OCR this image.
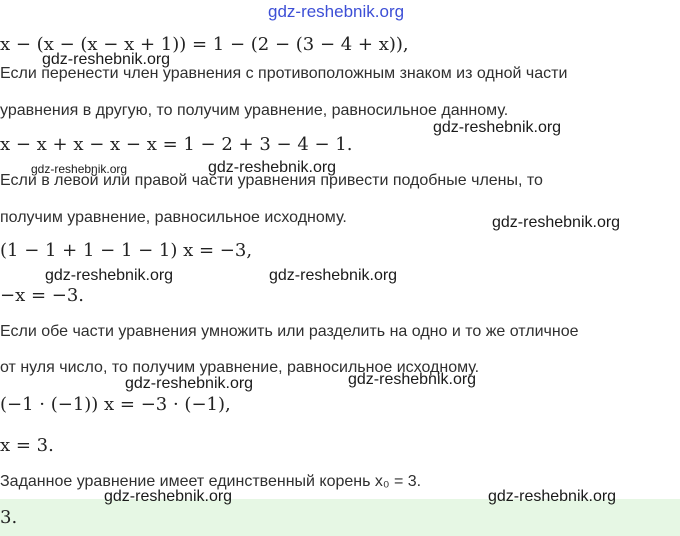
gdz-reshebnik.org
x − (x − (x − x + 1)) = 1 − (2 − (3 − 4 + x)),
gdz-reshebnik.org
Если перенести член уравнения с противоположным знаком из одной части
уравнения в другую, то получим уравнение, равносильное данному.
gdz-reshebnik.org
x − x + x − x − x = 1 − 2 + 3 − 4 − 1.
gdz-reshebnik.org	gdz-reshebnik.org
Если в левой или правой части уравнения привести подобные члены, то
получим уравнение, равносильное исходному.	gdz-reshebnik.org
(1 − 1 + 1 − 1 − 1) x = −3,
gdz-reshebnik.org	gdz-reshebnik.org
−x = −3.
Если обе части уравнения умножить или разделить на одно и то же отличное
от нуля число, то получим уравнение, равносильное исходному.
gdz-reshebnik.org	gdz-reshebnik.org
(−1 · (−1)) x = −3 · (−1),
x = 3.
Заданное уравнение имеет единственный корень x₀ = 3.
3.
gdz-reshebnik.org	gdz-reshebnik.org
